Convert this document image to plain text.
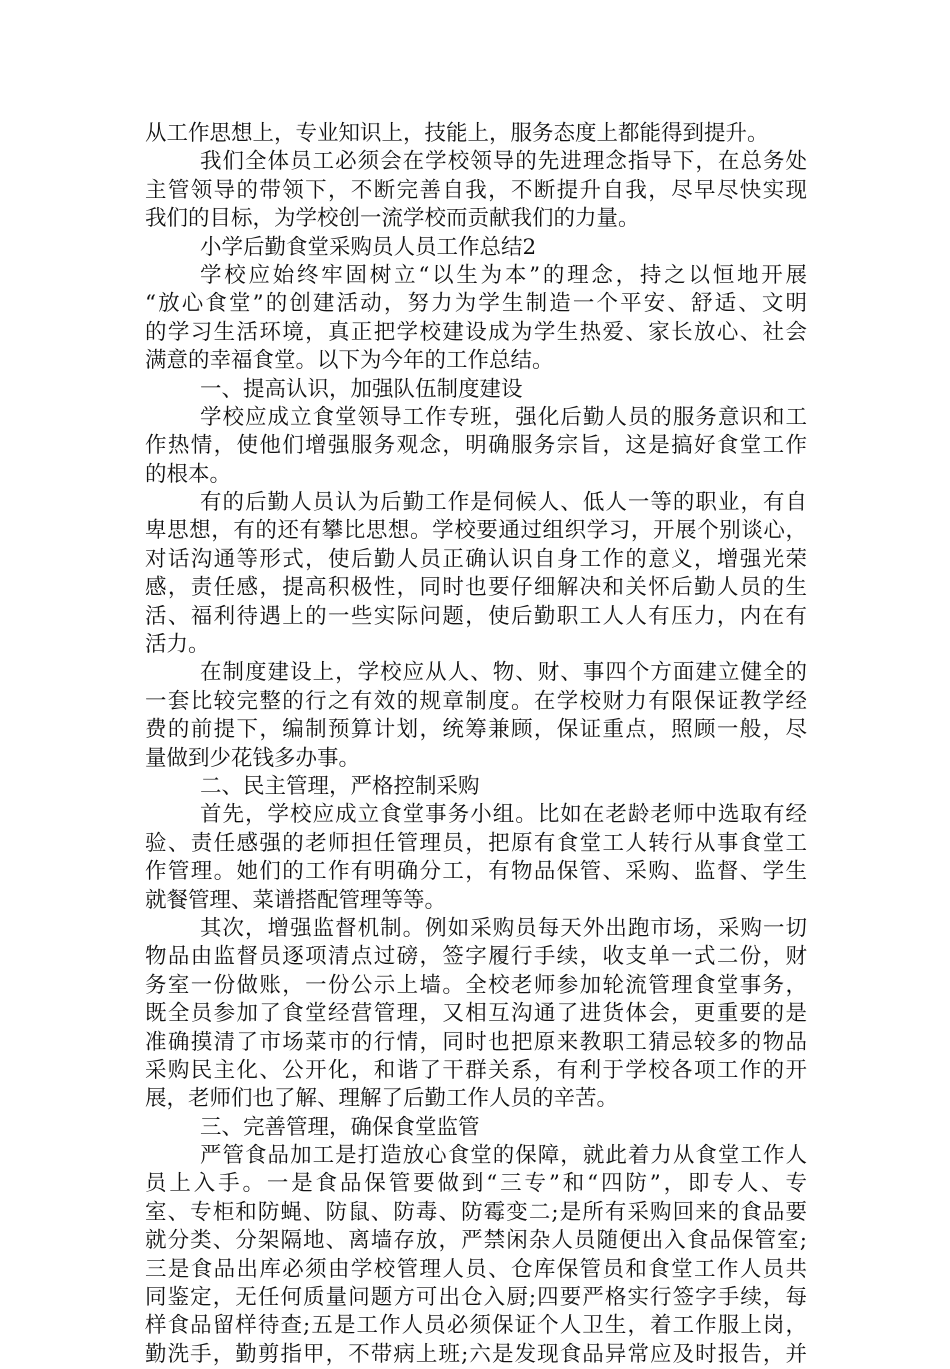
从工作思想上，专业知识上，技能上，服务态度上都能得到提升。
我们全体员工必须会在学校领导的先进理念指导下，在总务处
主管领导的带领下，不断完善自我，不断提升自我，尽早尽快实现
我们的目标，为学校创一流学校而贡献我们的力量。
小学后勤食堂采购员人员工作总结2
学校应始终牢固树立“以生为本”的理念，持之以恒地开展
“放心食堂”的创建活动，努力为学生制造一个平安、舒适、文明
的学习生活环境，真正把学校建设成为学生热爱、家长放心、社会
满意的幸福食堂。以下为今年的工作总结。
一、提高认识，加强队伍制度建设
学校应成立食堂领导工作专班，强化后勤人员的服务意识和工
作热情，使他们增强服务观念，明确服务宗旨，这是搞好食堂工作
的根本。
有的后勤人员认为后勤工作是伺候人、低人一等的职业，有自
卑思想，有的还有攀比思想。学校要通过组织学习，开展个别谈心，
对话沟通等形式，使后勤人员正确认识自身工作的意义，增强光荣
感，责任感，提高积极性，同时也要仔细解决和关怀后勤人员的生
活、福利待遇上的一些实际问题，使后勤职工人人有压力，内在有
活力。
在制度建设上，学校应从人、物、财、事四个方面建立健全的
一套比较完整的行之有效的规章制度。在学校财力有限保证教学经
费的前提下，编制预算计划，统筹兼顾，保证重点，照顾一般，尽
量做到少花钱多办事。
二、民主管理，严格控制采购
首先，学校应成立食堂事务小组。比如在老龄老师中选取有经
验、责任感强的老师担任管理员，把原有食堂工人转行从事食堂工
作管理。她们的工作有明确分工，有物品保管、采购、监督、学生
就餐管理、菜谱搭配管理等等。
其次，增强监督机制。例如采购员每天外出跑市场，采购一切
物品由监督员逐项清点过磅，签字履行手续，收支单一式二份，财
务室一份做账，一份公示上墙。全校老师参加轮流管理食堂事务，
既全员参加了食堂经营管理，又相互沟通了进货体会，更重要的是
准确摸清了市场菜市的行情，同时也把原来教职工猜忌较多的物品
采购民主化、公开化，和谐了干群关系，有利于学校各项工作的开
展，老师们也了解、理解了后勤工作人员的辛苦。
三、完善管理，确保食堂监管
严管食品加工是打造放心食堂的保障，就此着力从食堂工作人
员上入手。一是食品保管要做到“三专”和“四防”，即专人、专
室、专柜和防蝇、防鼠、防毒、防霉变二;是所有采购回来的食品要
就分类、分架隔地、离墙存放，严禁闲杂人员随便出入食品保管室;
三是食品出库必须由学校管理人员、仓库保管员和食堂工作人员共
同鉴定，无任何质量问题方可出仓入厨;四要严格实行签字手续，每
样食品留样待查;五是工作人员必须保证个人卫生，着工作服上岗，
勤洗手，勤剪指甲，不带病上班;六是发现食品异常应及时报告，并
